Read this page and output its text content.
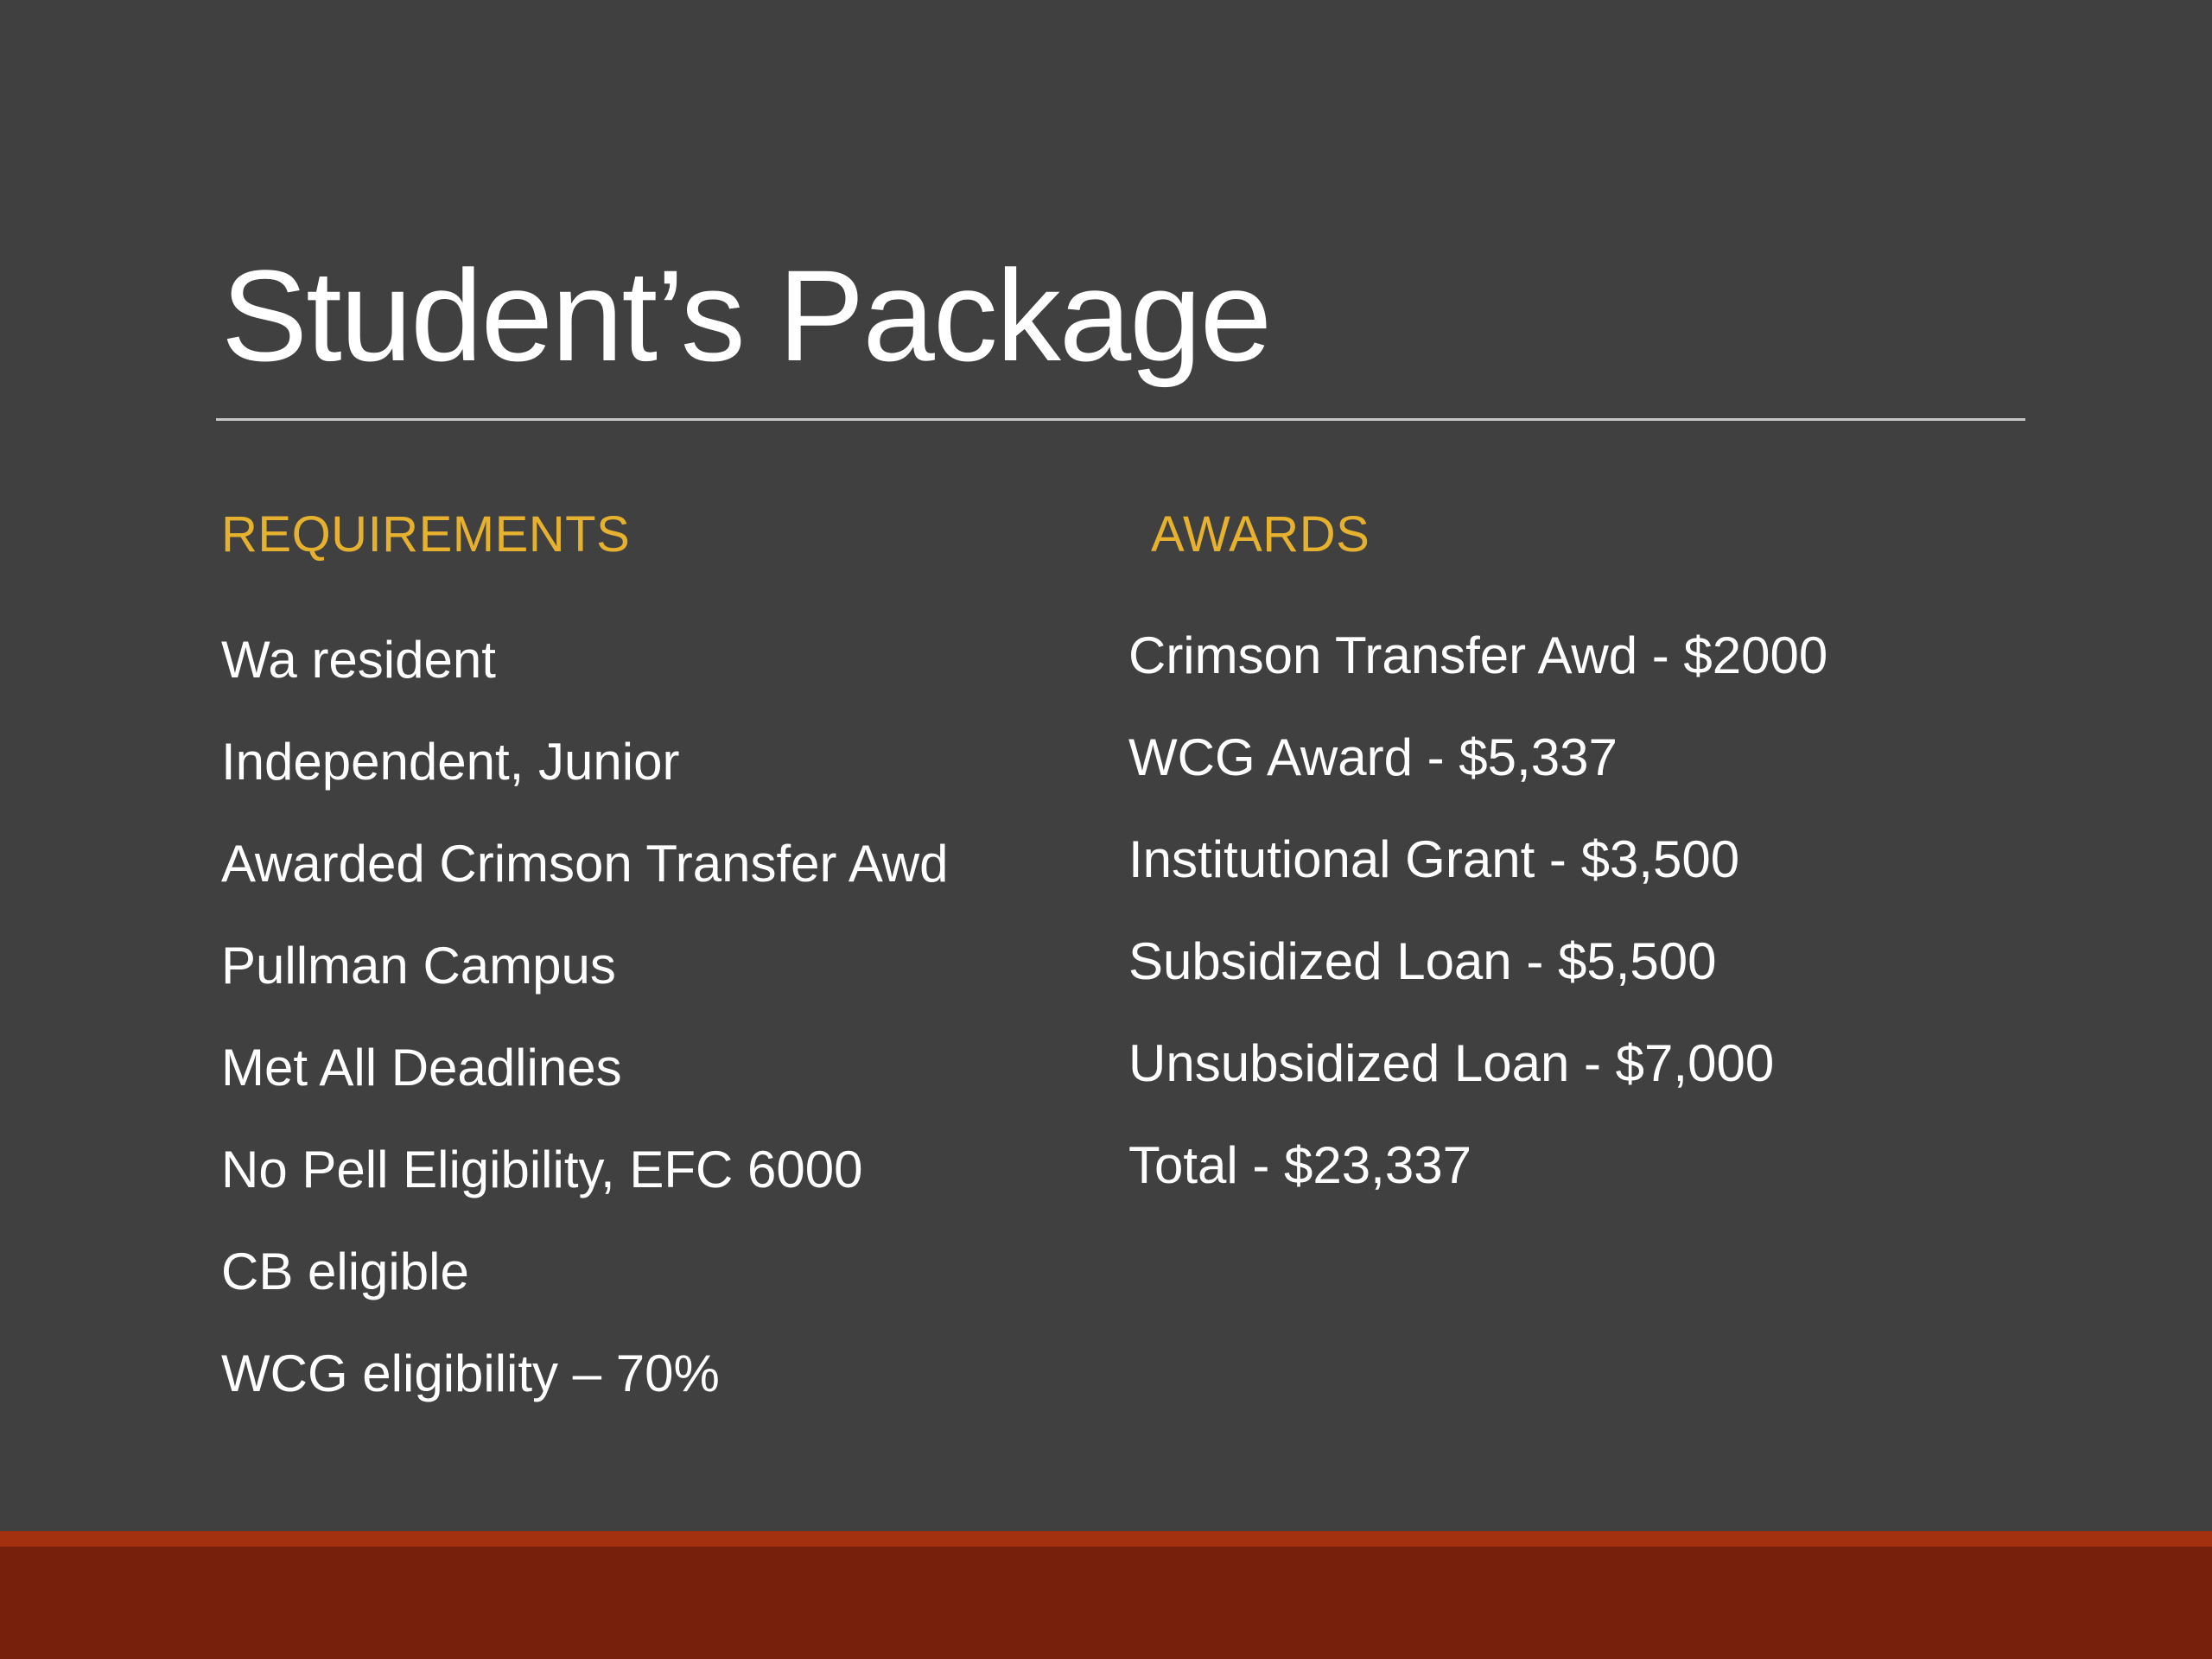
Student’s Package
REQUIREMENTS
Wa resident
Independent, Junior
Awarded Crimson Transfer Awd
Pullman Campus
Met All Deadlines
No Pell Eligibility, EFC 6000
CB eligible
WCG eligibility – 70%
AWARDS
Crimson Transfer Awd - $2000
WCG Award - $5,337
Institutional Grant - $3,500
Subsidized Loan - $5,500
Unsubsidized Loan - $7,000
Total - $23,337
